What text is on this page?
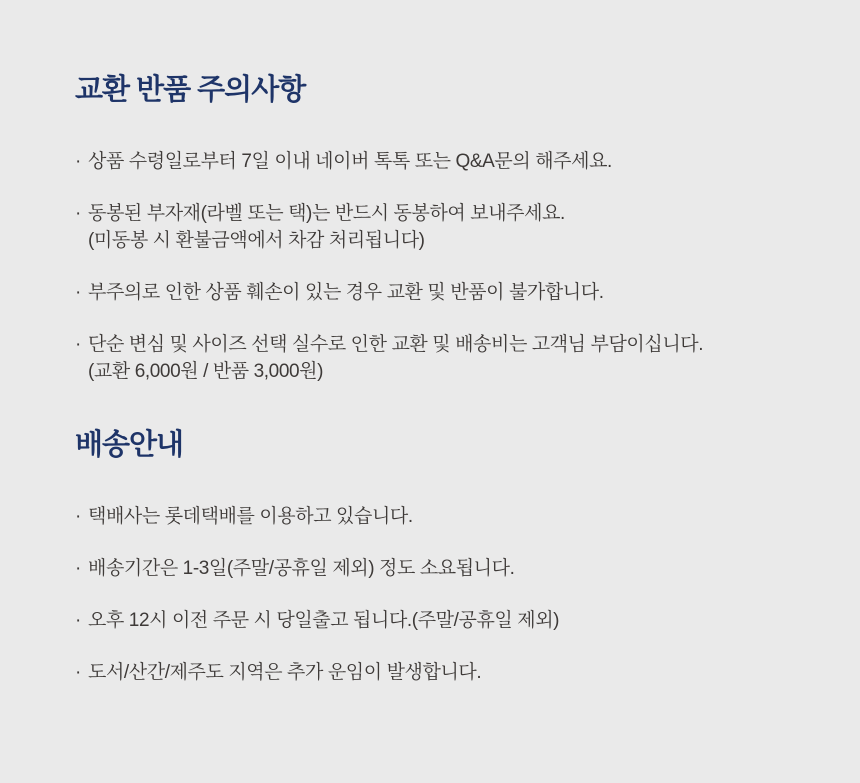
교환 반품 주의사항
· 상품 수령일로부터 7일 이내 네이버 톡톡 또는 Q&A문의 해주세요.
· 동봉된 부자재(라벨 또는 택)는 반드시 동봉하여 보내주세요.
(미동봉 시 환불금액에서 차감 처리됩니다)
· 부주의로 인한 상품 훼손이 있는 경우 교환 및 반품이 불가합니다.
· 단순 변심 및 사이즈 선택 실수로 인한 교환 및 배송비는 고객님 부담이십니다.
(교환 6,000원 / 반품 3,000원)
배송안내
· 택배사는 롯데택배를 이용하고 있습니다.
· 배송기간은 1-3일(주말/공휴일 제외) 정도 소요됩니다.
· 오후 12시 이전 주문 시 당일출고 됩니다.(주말/공휴일 제외)
· 도서/산간/제주도 지역은 추가 운임이 발생합니다.
